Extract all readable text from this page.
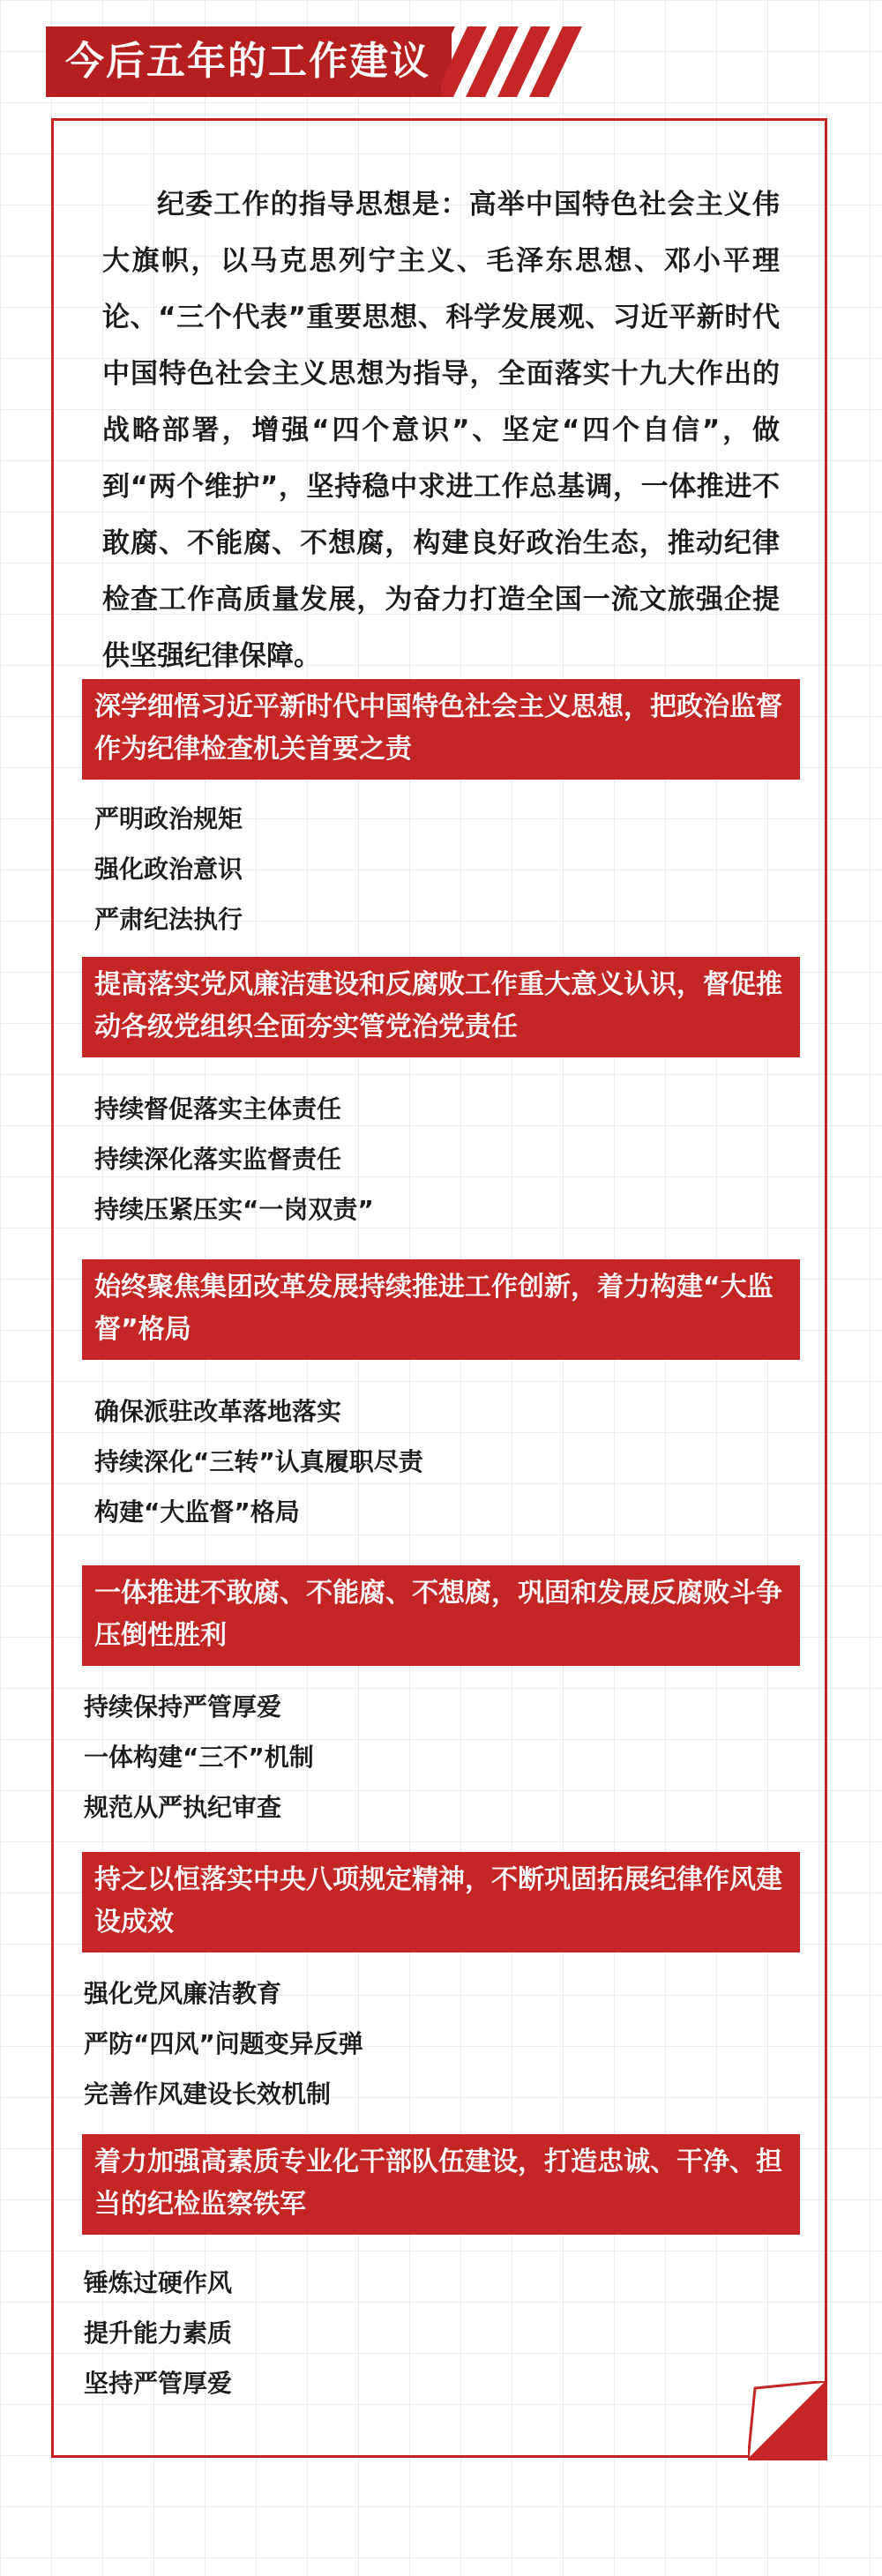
今后五年的工作建议

纪委工作的指导思想是：高举中国特色社会主义伟大旗帜，以马克思列宁主义、毛泽东思想、邓小平理论、“三个代表”重要思想、科学发展观、习近平新时代中国特色社会主义思想为指导，全面落实十九大作出的战略部署，增强“四个意识”、坚定“四个自信”，做到“两个维护”，坚持稳中求进工作总基调，一体推进不敢腐、不能腐、不想腐，构建良好政治生态，推动纪律检查工作高质量发展，为奋力打造全国一流文旅强企提供坚强纪律保障。

深学细悟习近平新时代中国特色社会主义思想，把政治监督作为纪律检查机关首要之责
严明政治规矩
强化政治意识
严肃纪法执行
提高落实党风廉洁建设和反腐败工作重大意义认识，督促推动各级党组织全面夯实管党治党责任
持续督促落实主体责任
持续深化落实监督责任
持续压紧压实“一岗双责”
始终聚焦集团改革发展持续推进工作创新，着力构建“大监督”格局
确保派驻改革落地落实
持续深化“三转”认真履职尽责
构建“大监督”格局
一体推进不敢腐、不能腐、不想腐，巩固和发展反腐败斗争压倒性胜利
持续保持严管厚爱
一体构建“三不”机制
规范从严执纪审查
持之以恒落实中央八项规定精神，不断巩固拓展纪律作风建设成效
强化党风廉洁教育
严防“四风”问题变异反弹
完善作风建设长效机制
着力加强高素质专业化干部队伍建设，打造忠诚、干净、担当的纪检监察铁军
锤炼过硬作风
提升能力素质
坚持严管厚爱
